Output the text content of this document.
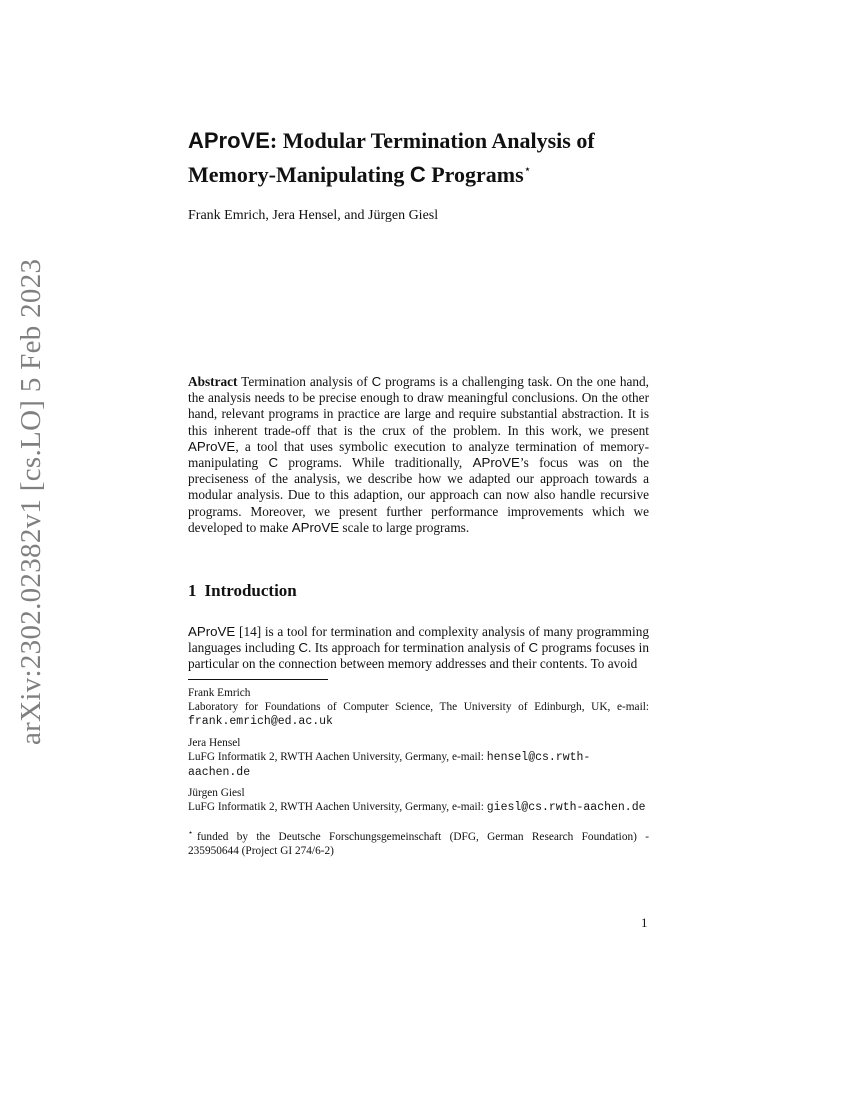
arXiv:2302.02382v1 [cs.LO] 5 Feb 2023
AProVE: Modular Termination Analysis of
Memory-Manipulating C Programs⋆
Frank Emrich, Jera Hensel, and Jürgen Giesl

Abstract Termination analysis of C programs is a challenging task. On the one hand, the analysis needs to be precise enough to draw meaningful conclusions. On the other hand, relevant programs in practice are large and require substantial abstraction. It is this inherent trade-off that is the crux of the problem. In this work, we present AProVE, a tool that uses symbolic execution to analyze termination of memory-manipulating C programs. While traditionally, AProVE’s focus was on the preciseness of the analysis, we describe how we adapted our approach towards a modular analysis. Due to this adaption, our approach can now also handle recursive programs. Moreover, we present further performance improvements which we developed to make AProVE scale to large programs.

1 Introduction

AProVE [14] is a tool for termination and complexity analysis of many programming languages including C. Its approach for termination analysis of C programs focuses in particular on the connection between memory addresses and their contents. To avoid

Frank Emrich
Laboratory for Foundations of Computer Science, The University of Edinburgh, UK, e-mail: frank.emrich@ed.ac.uk
Jera Hensel
LuFG Informatik 2, RWTH Aachen University, Germany, e-mail: hensel@cs.rwth-aachen.de
Jürgen Giesl
LuFG Informatik 2, RWTH Aachen University, Germany, e-mail: giesl@cs.rwth-aachen.de
⋆ funded by the Deutsche Forschungsgemeinschaft (DFG, German Research Foundation) - 235950644 (Project GI 274/6-2)
1
